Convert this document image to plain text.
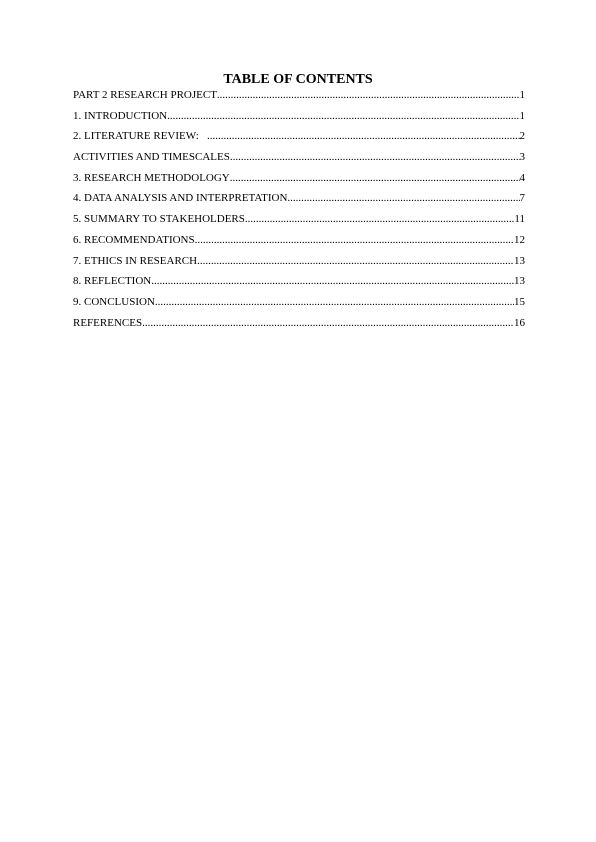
TABLE OF CONTENTS
PART 2 RESEARCH PROJECT .....	1
1. INTRODUCTION .....	1
2. LITERATURE REVIEW: .....	2
ACTIVITIES AND TIMESCALES .....	3
3. RESEARCH METHODOLOGY .....	4
4. DATA ANALYSIS AND INTERPRETATION .....	7
5. SUMMARY TO STAKEHOLDERS .....	11
6. RECOMMENDATIONS .....	12
7. ETHICS IN RESEARCH .....	13
8. REFLECTION .....	13
9. CONCLUSION .....	15
REFERENCES .....	16
